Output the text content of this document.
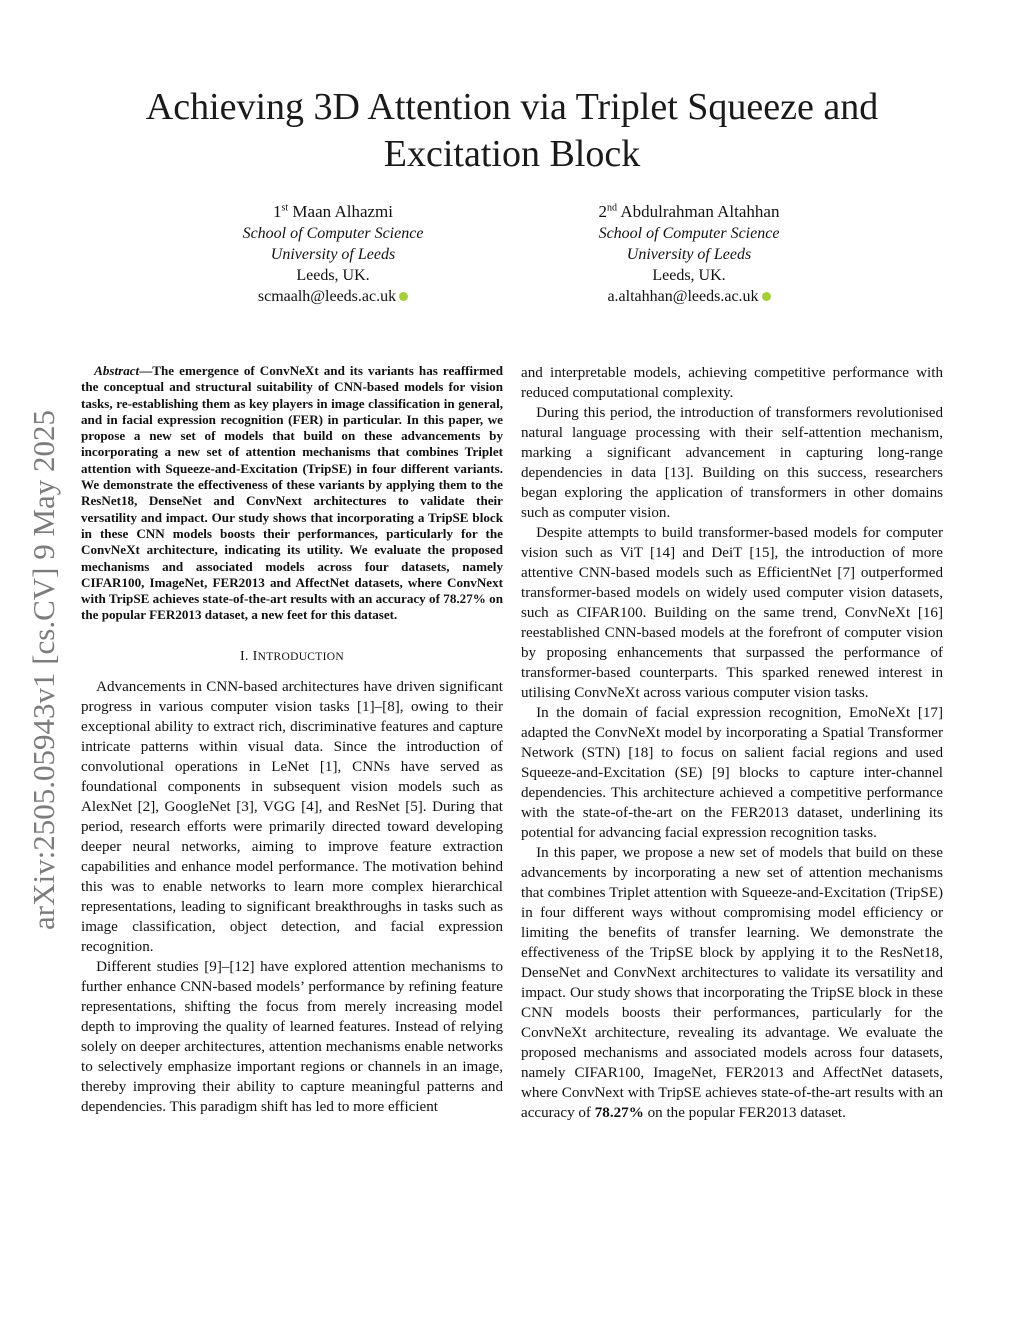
Achieving 3D Attention via Triplet Squeeze and Excitation Block
1st Maan Alhazmi
School of Computer Science
University of Leeds
Leeds, UK.
scmaalh@leeds.ac.uk
2nd Abdulrahman Altahhan
School of Computer Science
University of Leeds
Leeds, UK.
a.altahhan@leeds.ac.uk
arXiv:2505.05943v1 [cs.CV] 9 May 2025
Abstract—The emergence of ConvNeXt and its variants has reaffirmed the conceptual and structural suitability of CNN-based models for vision tasks, re-establishing them as key players in image classification in general, and in facial expression recognition (FER) in particular. In this paper, we propose a new set of models that build on these advancements by incorporating a new set of attention mechanisms that combines Triplet attention with Squeeze-and-Excitation (TripSE) in four different variants. We demonstrate the effectiveness of these variants by applying them to the ResNet18, DenseNet and ConvNext architectures to validate their versatility and impact. Our study shows that incorporating a TripSE block in these CNN models boosts their performances, particularly for the ConvNeXt architecture, indicating its utility. We evaluate the proposed mechanisms and associated models across four datasets, namely CIFAR100, ImageNet, FER2013 and AffectNet datasets, where ConvNext with TripSE achieves state-of-the-art results with an accuracy of 78.27% on the popular FER2013 dataset, a new feet for this dataset.
I. INTRODUCTION

Advancements in CNN-based architectures have driven significant progress in various computer vision tasks [1]–[8], owing to their exceptional ability to extract rich, discriminative features and capture intricate patterns within visual data. Since the introduction of convolutional operations in LeNet [1], CNNs have served as foundational components in subsequent vision models such as AlexNet [2], GoogleNet [3], VGG [4], and ResNet [5]. During that period, research efforts were primarily directed toward developing deeper neural networks, aiming to improve feature extraction capabilities and enhance model performance. The motivation behind this was to enable networks to learn more complex hierarchical representations, leading to significant breakthroughs in tasks such as image classification, object detection, and facial expression recognition.

Different studies [9]–[12] have explored attention mechanisms to further enhance CNN-based models’ performance by refining feature representations, shifting the focus from merely increasing model depth to improving the quality of learned features. Instead of relying solely on deeper architectures, attention mechanisms enable networks to selectively emphasize important regions or channels in an image, thereby improving their ability to capture meaningful patterns and dependencies. This paradigm shift has led to more efficient

and interpretable models, achieving competitive performance with reduced computational complexity.

During this period, the introduction of transformers revolutionised natural language processing with their self-attention mechanism, marking a significant advancement in capturing long-range dependencies in data [13]. Building on this success, researchers began exploring the application of transformers in other domains such as computer vision.

Despite attempts to build transformer-based models for computer vision such as ViT [14] and DeiT [15], the introduction of more attentive CNN-based models such as EfficientNet [7] outperformed transformer-based models on widely used computer vision datasets, such as CIFAR100. Building on the same trend, ConvNeXt [16] reestablished CNN-based models at the forefront of computer vision by proposing enhancements that surpassed the performance of transformer-based counterparts. This sparked renewed interest in utilising ConvNeXt across various computer vision tasks.

In the domain of facial expression recognition, EmoNeXt [17] adapted the ConvNeXt model by incorporating a Spatial Transformer Network (STN) [18] to focus on salient facial regions and used Squeeze-and-Excitation (SE) [9] blocks to capture inter-channel dependencies. This architecture achieved a competitive performance with the state-of-the-art on the FER2013 dataset, underlining its potential for advancing facial expression recognition tasks.

In this paper, we propose a new set of models that build on these advancements by incorporating a new set of attention mechanisms that combines Triplet attention with Squeeze-and-Excitation (TripSE) in four different ways without compromising model efficiency or limiting the benefits of transfer learning. We demonstrate the effectiveness of the TripSE block by applying it to the ResNet18, DenseNet and ConvNext architectures to validate its versatility and impact. Our study shows that incorporating the TripSE block in these CNN models boosts their performances, particularly for the ConvNeXt architecture, revealing its advantage. We evaluate the proposed mechanisms and associated models across four datasets, namely CIFAR100, ImageNet, FER2013 and AffectNet datasets, where ConvNext with TripSE achieves state-of-the-art results with an accuracy of 78.27% on the popular FER2013 dataset.
